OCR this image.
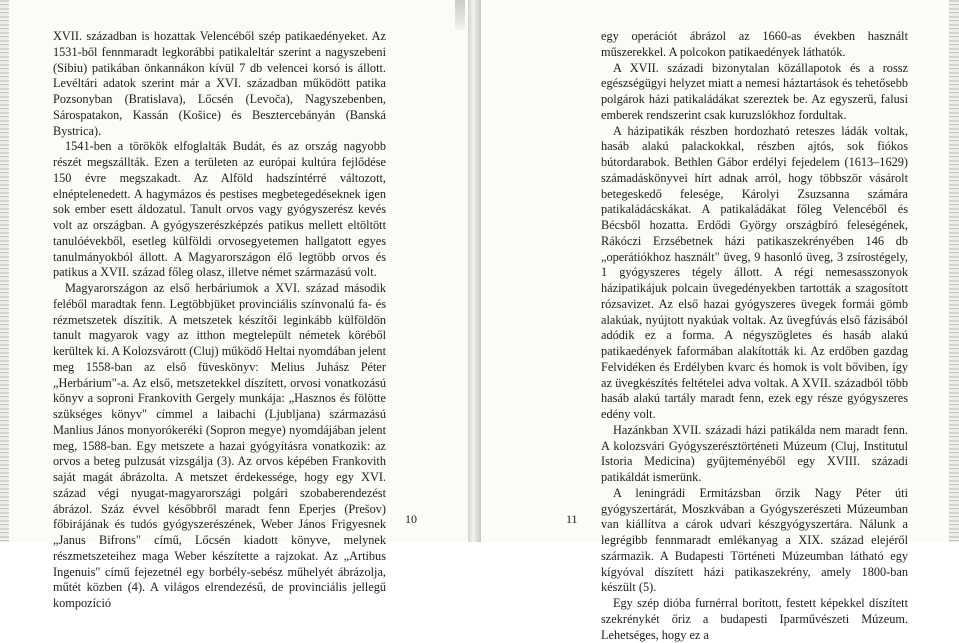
XVII. században is hozattak Velencéből szép patikaedényeket. Az 1531-ből fennmaradt legkorábbi patikaleltár szerint a nagyszebeni (Sibiu) patikában önkannákon kívül 7 db velencei korsó is állott. Levéltári adatok szerint már a XVI. században működött patika Pozsonyban (Bratislava), Lőcsén (Levoča), Nagyszebenben, Sárospatakon, Kassán (Košice) és Besztercebányán (Banská Bystrica).

1541-ben a törökök elfoglalták Budát, és az ország nagyobb részét megszállták. Ezen a területen az európai kultúra fejlődése 150 évre megszakadt. Az Alföld hadszíntérré változott, elnéptelenedett. A hagymázos és pestises megbetegedéseknek igen sok ember esett áldozatul. Tanult orvos vagy gyógyszerész kevés volt az országban. A gyógyszerészképzés patikus mellett eltöltött tanulóévekből, esetleg külföldi orvosegyetemen hallgatott egyes tanulmányokból állott. A Magyarországon élő legtöbb orvos és patikus a XVII. század főleg olasz, illetve német származású volt.

Magyarországon az első herbáriumok a XVI. század második feléből maradtak fenn. Legtöbbjüket provinciális színvonalú fa- és rézmetszetek díszítik. A metszetek készítői leginkább külföldön tanult magyarok vagy az itthon megtelepült németek köréből kerültek ki. A Kolozsvárott (Cluj) működő Heltai nyomdában jelent meg 1558-ban az első füveskönyv: Melius Juhász Péter „Herbárium"-a. Az első, metszetekkel díszített, orvosi vonatkozású könyv a soproni Frankovith Gergely munkája: „Hasznos és fölötte szükséges könyv" címmel a laibachi (Ljubljana) származású Manlius János monyorókeréki (Sopron megye) nyomdájában jelent meg, 1588-ban. Egy metszete a hazai gyógyításra vonatkozik: az orvos a beteg pulzusát vizsgálja (3). Az orvos képében Frankovith saját magát ábrázolta. A metszet érdekessége, hogy egy XVI. század végi nyugat-magyarországi polgári szobaberendezést ábrázol. Száz évvel későbbről maradt fenn Eperjes (Prešov) főbirájának és tudós gyógyszerészének, Weber János Frigyesnek „Janus Bifrons" című, Lőcsén kiadott könyve, melynek részmetszeteihez maga Weber készítette a rajzokat. Az „Artibus Ingenuis" című fejezetnél egy borbély-sebész műhelyét ábrázolja, műtét közben (4). A világos elrendezésű, de provinciális jellegű kompozíció

10

egy operációt ábrázol az 1660-as években használt műszerekkel. A polcokon patikaedények láthatók.

A XVII. századi bizonytalan közállapotok és a rossz egészségügyi helyzet miatt a nemesi háztartások és tehetősebb polgárok házi patikaládákat szereztek be. Az egyszerű, falusi emberek rendszerint csak kuruzslókhoz fordultak.

A házipatikák részben hordozható reteszes ládák voltak, hasáb alakú palackokkal, részben ajtós, sok fiókos bútordarabok. Bethlen Gábor erdélyi fejedelem (1613–1629) számadáskönyvei hírt adnak arról, hogy többször vásárolt betegeskedő felesége, Károlyi Zsuzsanna számára patikaládácskákat. A patikaládákat főleg Velencéből és Bécsből hozatta. Erdődi György országbíró feleségének, Rákóczi Erzsébetnek házi patikaszekrényében 146 db „operátiókhoz használt" üveg, 9 hasonló üveg, 3 zsírostégely, 1 gyógyszeres tégely állott. A régi nemesasszonyok házipatikájuk polcain üvegedényekben tartották a szagosított rózsavizet. Az első hazai gyógyszeres üvegek formái gömb alakúak, nyújtott nyakúak voltak. Az üvegfúvás első fázisából adódik ez a forma. A négyszögletes és hasáb alakú patikaedények faformában alakították ki. Az erdőben gazdag Felvidéken és Erdélyben kvarc és homok is volt bőviben, így az üvegkészítés feltételei adva voltak. A XVII. századból több hasáb alakú tartály maradt fenn, ezek egy része gyógyszeres edény volt.

Hazánkban XVII. századi házi patikálda nem maradt fenn. A kolozsvári Gyógyszerésztörténeti Múzeum (Cluj, Institutul Istoria Medicina) gyűjteményéből egy XVIII. századi patikáldát ismerünk.

A leningrádi Ermitázsban őrzik Nagy Péter úti gyógyszertárát, Moszkvában a Gyógyszerészeti Múzeumban van kiállítva a cárok udvari készgyógyszertára. Nálunk a legrégibb fennmaradt emlékanyag a XIX. század elejéről származik. A Budapesti Történeti Múzeumban látható egy kígyóval díszített házi patikaszekrény, amely 1800-ban készült (5).

Egy szép dióba furnérral borított, festett képekkel díszített szekrénykét őriz a budapesti Iparművészeti Múzeum. Lehetséges, hogy ez a

11
